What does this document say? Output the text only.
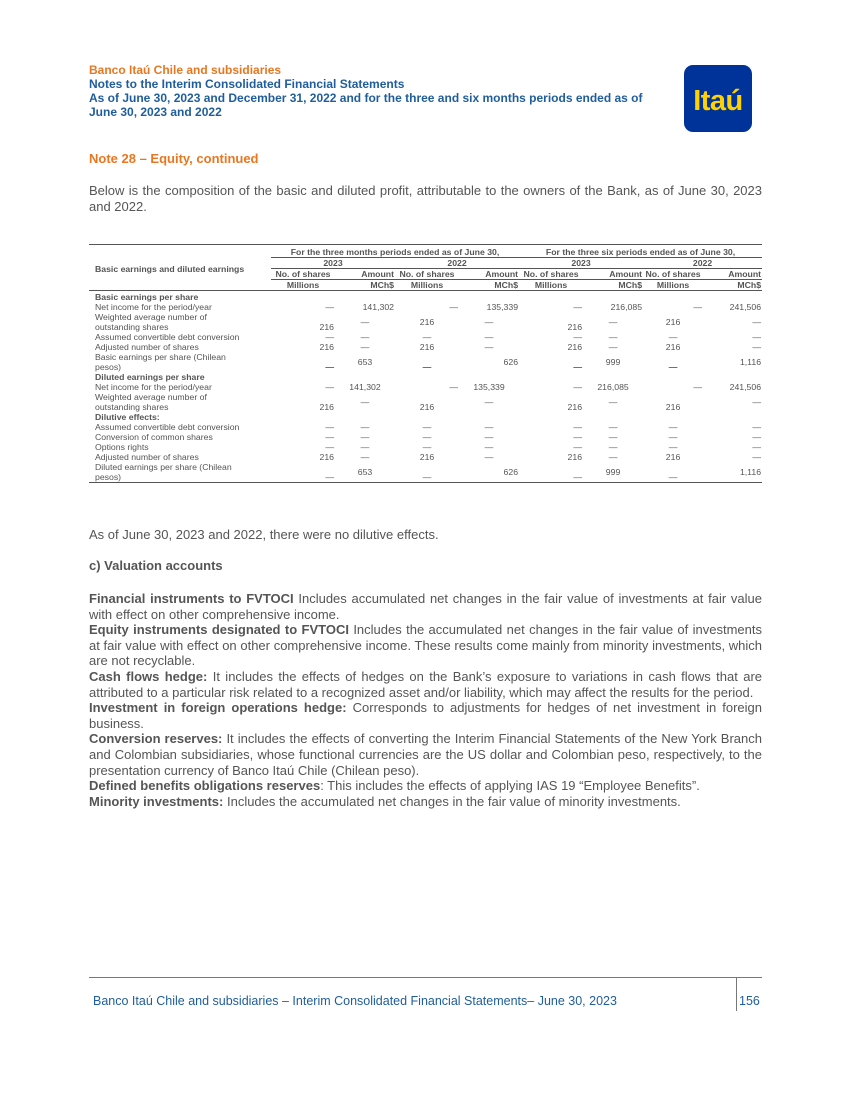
Banco Itaú Chile and subsidiaries
Notes to the Interim Consolidated Financial Statements
As of June 30, 2023 and December 31, 2022 and for the three and six months periods ended as of
June 30, 2023 and 2022	Itaú
Note 28 – Equity, continued
Below is the composition of the basic and diluted profit, attributable to the owners of the Bank, as of June 30, 2023 and 2022.
Basic earnings and diluted earnings	For the three months periods ended as of June 30,				For the three six periods ended as of June 30,			
	2023		2022		2023		2022	
	No. of shares	Amount	No. of shares	Amount	No. of shares	Amount	No. of shares	Amount
	Millions	MCh$	Millions	MCh$	Millions	MCh$	Millions	MCh$
Basic earnings per share								
Net income for the period/year	—	141,302	—	135,339	—	216,085	—	241,506
Weighted average number of
outstanding shares	216	—	216	—	216	—	216	—
Assumed convertible debt conversion	—	—	—	—	—	—	—	—
Adjusted number of shares	216	—	216	—	216	—	216	—
Basic earnings per share (Chilean
pesos)	—	653	—	626	—	999	—	1,116
Diluted earnings per share								
Net income for the period/year	—	141,302	—	135,339	—	216,085	—	241,506
Weighted average number of
outstanding shares	216	—	216	—	216	—	216	—
Dilutive effects:								
Assumed convertible debt conversion	—	—	—	—	—	—	—	—
Conversion of common shares	—	—	—	—	—	—	—	—
Options rights	—	—	—	—	—	—	—	—
Adjusted number of shares	216	—	216	—	216	—	216	—
Diluted earnings per share (Chilean
pesos)	—	653	—	626	—	999	—	1,116
As of June 30, 2023 and 2022, there were no dilutive effects.
c) Valuation accounts

Financial instruments to FVTOCI Includes accumulated net changes in the fair value of investments at fair value with effect on other comprehensive income.

Equity instruments designated to FVTOCI Includes the accumulated net changes in the fair value of investments at fair value with effect on other comprehensive income. These results come mainly from minority investments, which are not recyclable.

Cash flows hedge: It includes the effects of hedges on the Bank’s exposure to variations in cash flows that are attributed to a particular risk related to a recognized asset and/or liability, which may affect the results for the period.

Investment in foreign operations hedge: Corresponds to adjustments for hedges of net investment in foreign business.

Conversion reserves: It includes the effects of converting the Interim Financial Statements of the New York Branch and Colombian subsidiaries, whose functional currencies are the US dollar and Colombian peso, respectively, to the presentation currency of Banco Itaú Chile (Chilean peso).

Defined benefits obligations reserves: This includes the effects of applying IAS 19 “Employee Benefits”.

Minority investments: Includes the accumulated net changes in the fair value of minority investments.

Banco Itaú Chile and subsidiaries – Interim Consolidated Financial Statements– June 30, 2023	156
